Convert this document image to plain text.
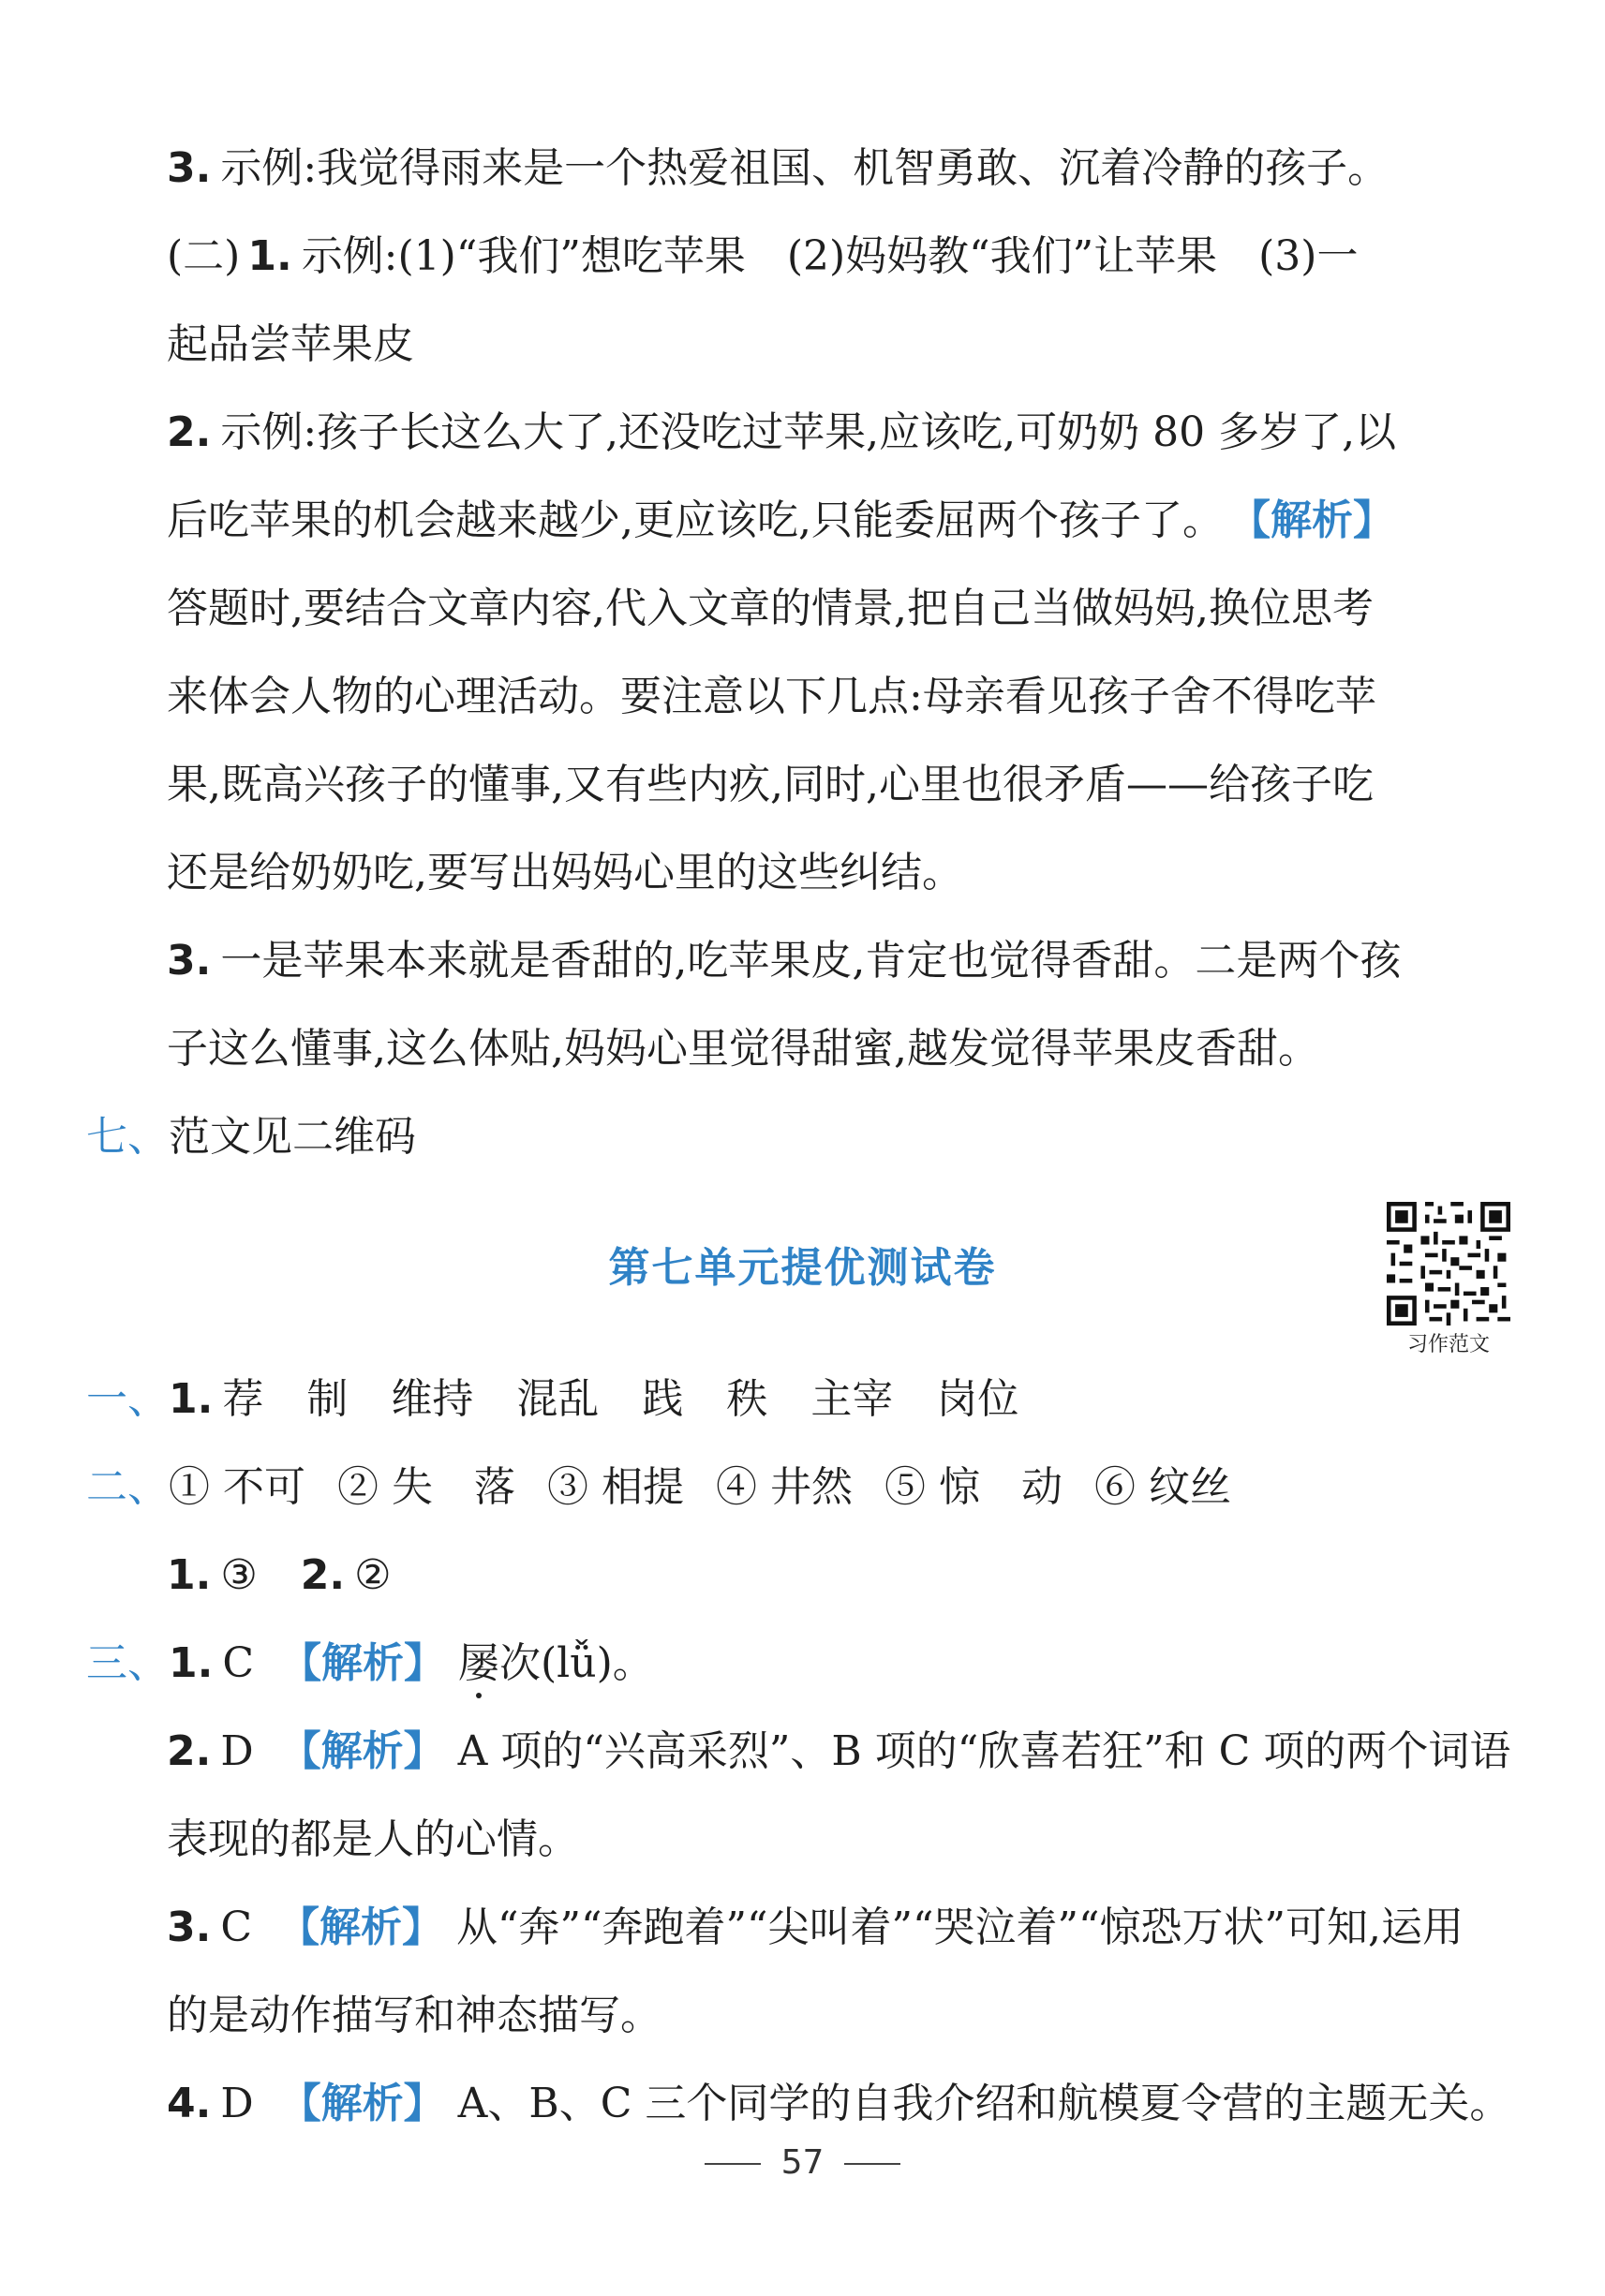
3. 示例:我觉得雨来是一个热爱祖国、机智勇敢、沉着冷静的孩子。
(二) 1. 示例:(1)“我们”想吃苹果　(2)妈妈教“我们”让苹果　(3)一
起品尝苹果皮
2. 示例:孩子长这么大了,还没吃过苹果,应该吃,可奶奶 80 多岁了,以
后吃苹果的机会越来越少,更应该吃,只能委屈两个孩子了。 【解析】
答题时,要结合文章内容,代入文章的情景,把自己当做妈妈,换位思考
来体会人物的心理活动。要注意以下几点:母亲看见孩子舍不得吃苹
果,既高兴孩子的懂事,又有些内疚,同时,心里也很矛盾——给孩子吃
还是给奶奶吃,要写出妈妈心里的这些纠结。
3. 一是苹果本来就是香甜的,吃苹果皮,肯定也觉得香甜。二是两个孩
子这么懂事,这么体贴,妈妈心里觉得甜蜜,越发觉得苹果皮香甜。
七、范文见二维码
第七单元提优测试卷
习作范文
一、1. 荐 制 维持 混乱 践 秩 主宰 岗位
二、① 不可 ② 失　落 ③ 相提 ④ 井然 ⑤ 惊　动 ⑥ 纹丝
1. ③ 2. ②
三、1. C 【解析】 屡次(lǚ)。
2. D 【解析】 A 项的“兴高采烈”、B 项的“欣喜若狂”和 C 项的两个词语
表现的都是人的心情。
3. C 【解析】 从“奔”“奔跑着”“尖叫着”“哭泣着”“惊恐万状”可知,运用
的是动作描写和神态描写。
4. D 【解析】 A、B、C 三个同学的自我介绍和航模夏令营的主题无关。
57
